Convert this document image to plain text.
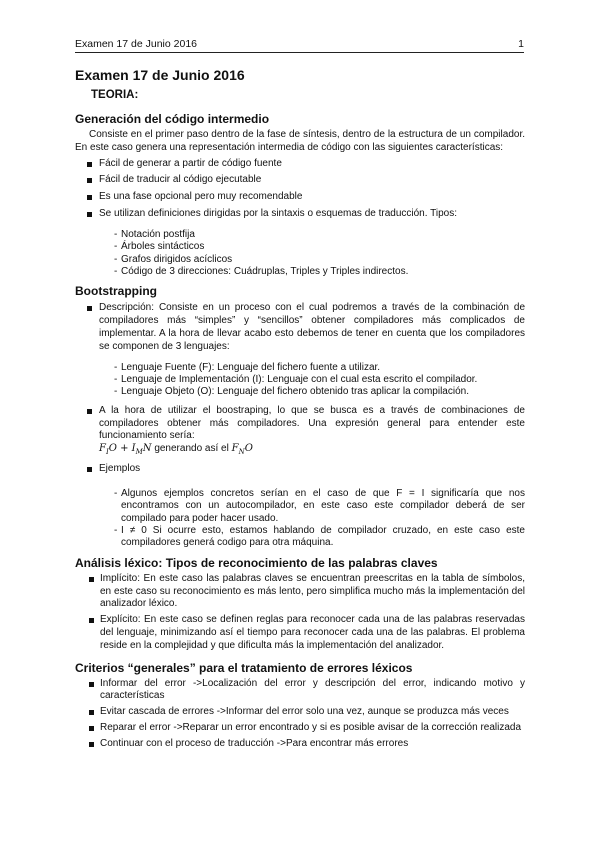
Examen 17 de Junio 2016	1
Examen 17 de Junio 2016
TEORIA:
Generación del código intermedio

Consiste en el primer paso dentro de la fase de síntesis, dentro de la estructura de un compilador. En este caso genera una representación intermedia de código con las siguientes características:

Fácil de generar a partir de código fuente
Fácil de traducir al código ejecutable
Es una fase opcional pero muy recomendable
Se utilizan definiciones dirigidas por la sintaxis o esquemas de traducción. Tipos:
- Notación postfija
- Árboles sintácticos
- Grafos dirigidos acíclicos
- Código de 3 direcciones: Cuádruplas, Triples y Triples indirectos.
Bootstrapping
Descripción: Consiste en un proceso con el cual podremos a través de la combinación de compiladores más “simples” y “sencillos” obtener compiladores más complicados de implementar. A la hora de llevar acabo esto debemos de tener en cuenta que los compiladores se componen de 3 lenguajes:
- Lenguaje Fuente (F): Lenguaje del fichero fuente a utilizar.
- Lenguaje de Implementación (I): Lenguaje con el cual esta escrito el compilador.
- Lenguaje Objeto (O): Lenguaje del fichero obtenido tras aplicar la compilación.
A la hora de utilizar el boostraping, lo que se busca es a través de combinaciones de compiladores obtener más compiladores. Una expresión general para entender este funcionamiento sería:
$F_IO + I_MN$ generando así el $F_NO$
Ejemplos
- Algunos ejemplos concretos serían en el caso de que F = I significaría que nos encontramos con un autocompilador, en este caso este compilador deberá de ser compilado para poder hacer usado.
- I ≠ 0 Si ocurre esto, estamos hablando de compilador cruzado, en este caso este compiladores generá codigo para otra máquina.
Análisis léxico: Tipos de reconocimiento de las palabras claves
Implícito: En este caso las palabras claves se encuentran preescritas en la tabla de símbolos, en este caso su reconocimiento es más lento, pero simplifica mucho más la implementación del analizador léxico.
Explícito: En este caso se definen reglas para reconocer cada una de las palabras reservadas del lenguaje, minimizando así el tiempo para reconocer cada una de las palabras. El problema reside en la complejidad y que dificulta más la implementación del analizador.
Criterios “generales” para el tratamiento de errores léxicos
Informar del error ->Localización del error y descripción del error, indicando motivo y características
Evitar cascada de errores ->Informar del error solo una vez, aunque se produzca más veces
Reparar el error ->Reparar un error encontrado y si es posible avisar de la corrección realizada
Continuar con el proceso de traducción ->Para encontrar más errores
